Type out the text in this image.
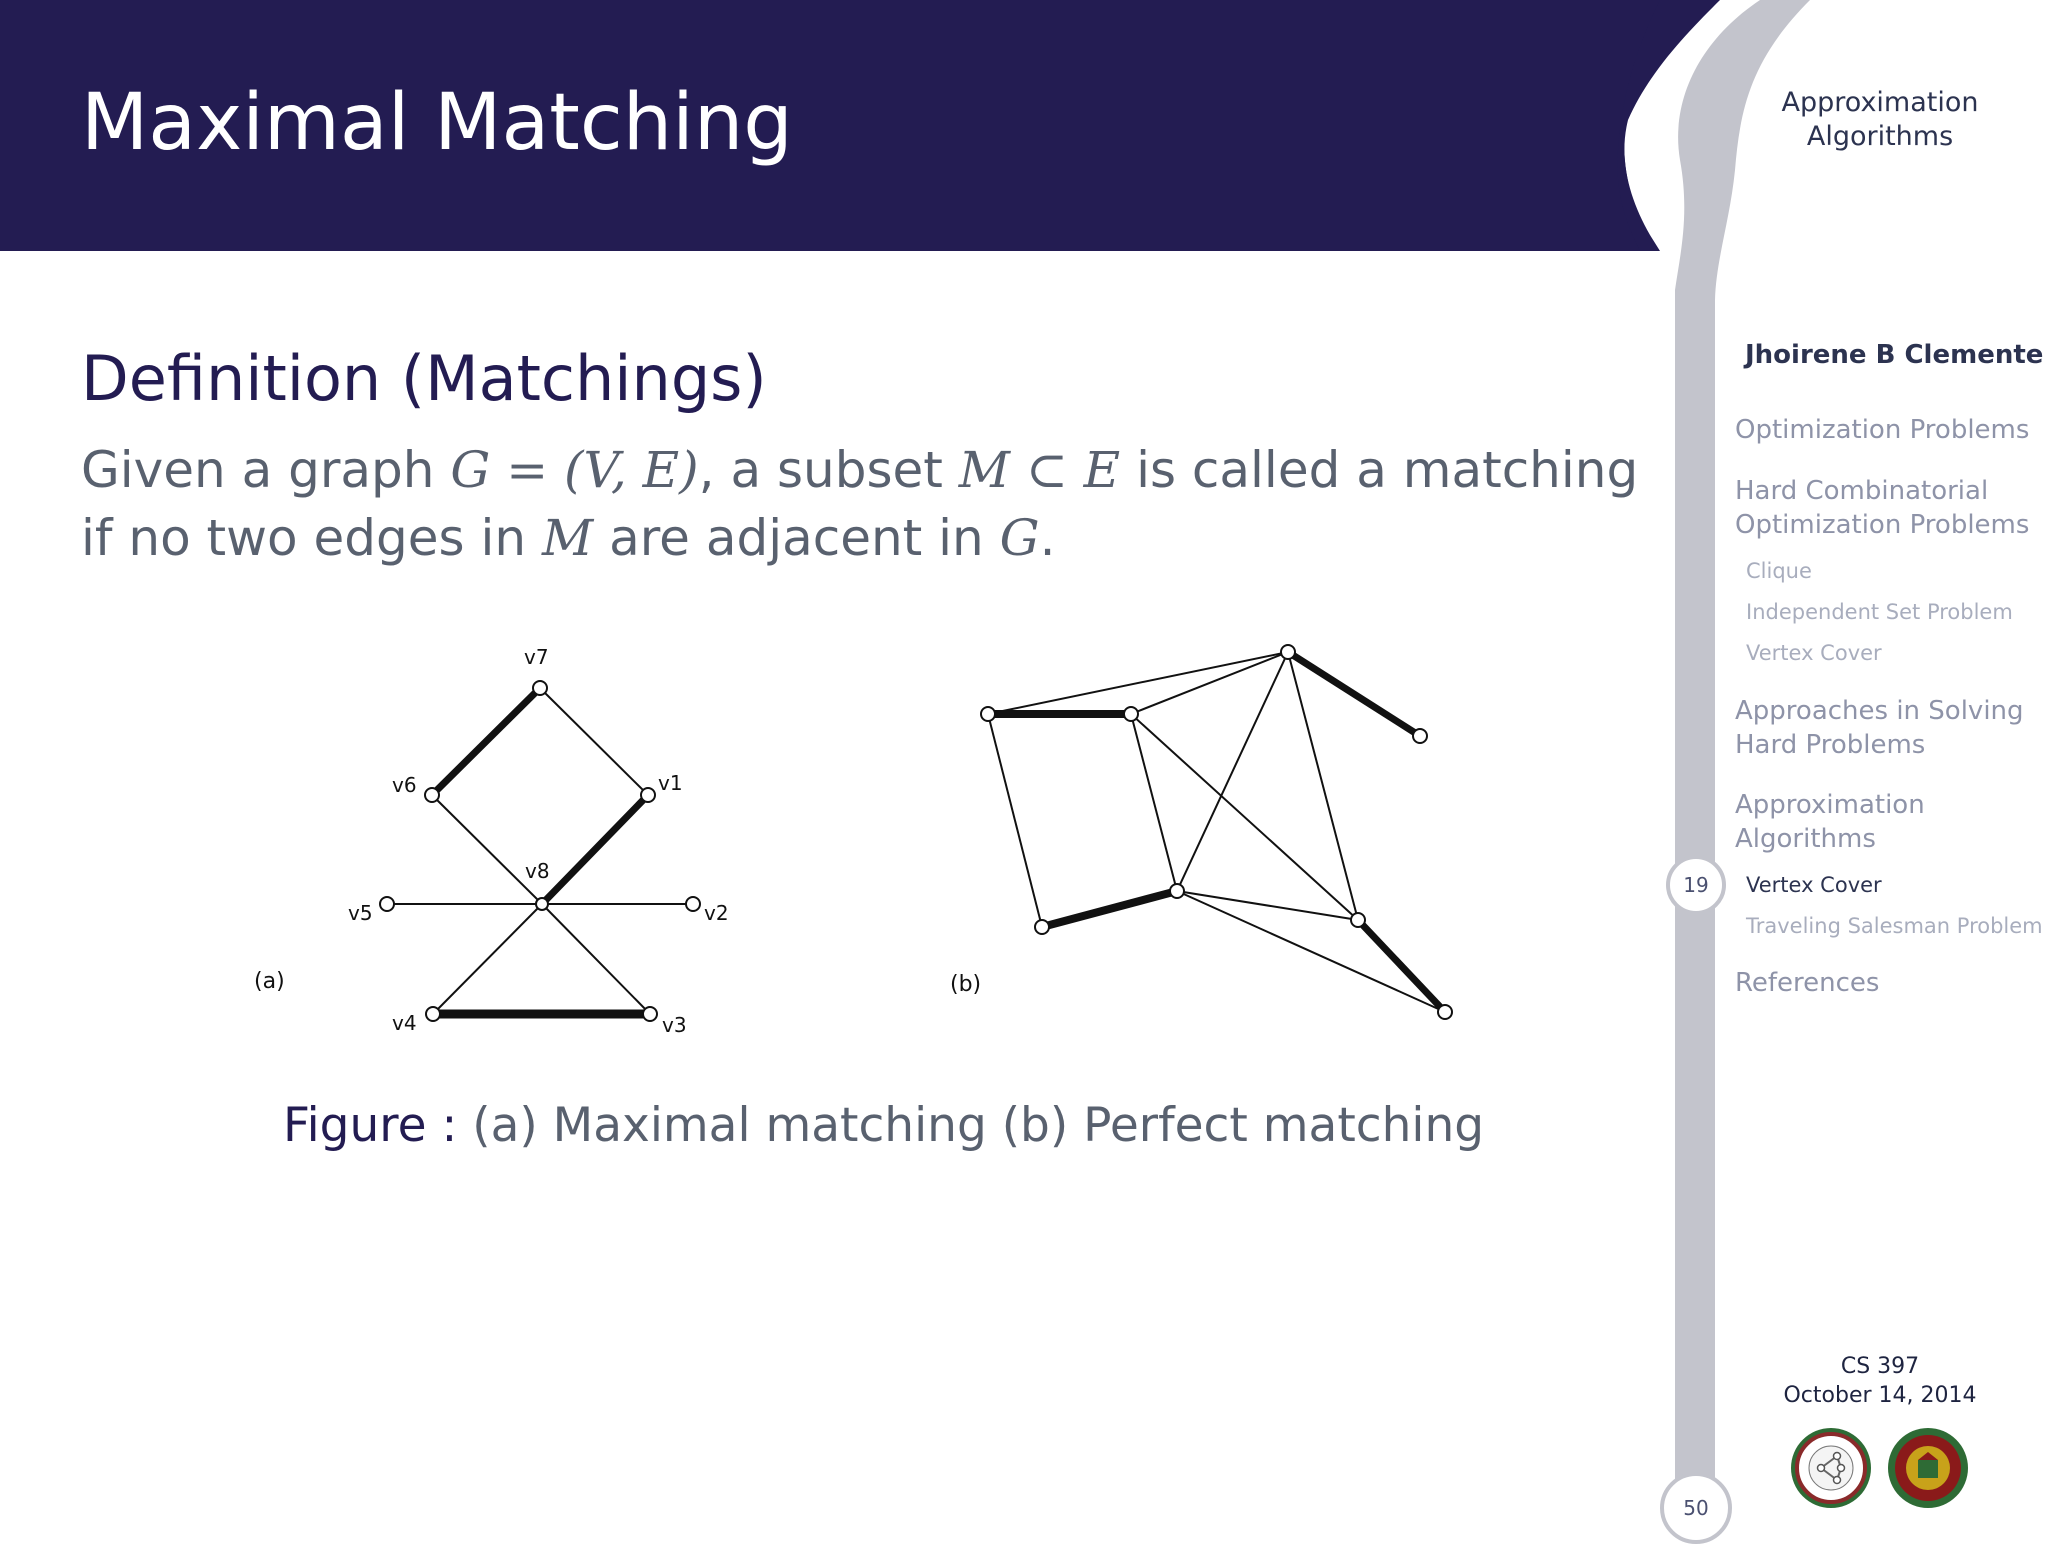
Maximal Matching	Approximation Algorithms
Jhoirene B Clemente
Optimization Problems
Hard Combinatorial
Optimization Problems
Clique
Independent Set Problem
Vertex Cover
Approaches in Solving
Hard Problems
Approximation
Algorithms
Vertex Cover
Traveling Salesman Problem
References
19
50
CS 397
October 14, 2014
Definition (Matchings)
Given a graph G = (V, E), a subset M ⊂ E is called a matching
if no two edges in M are adjacent in G.
v7
v6	v1
v8
v5	v2
v4	v3
(a)	(b)
Figure : (a) Maximal matching (b) Perfect matching
